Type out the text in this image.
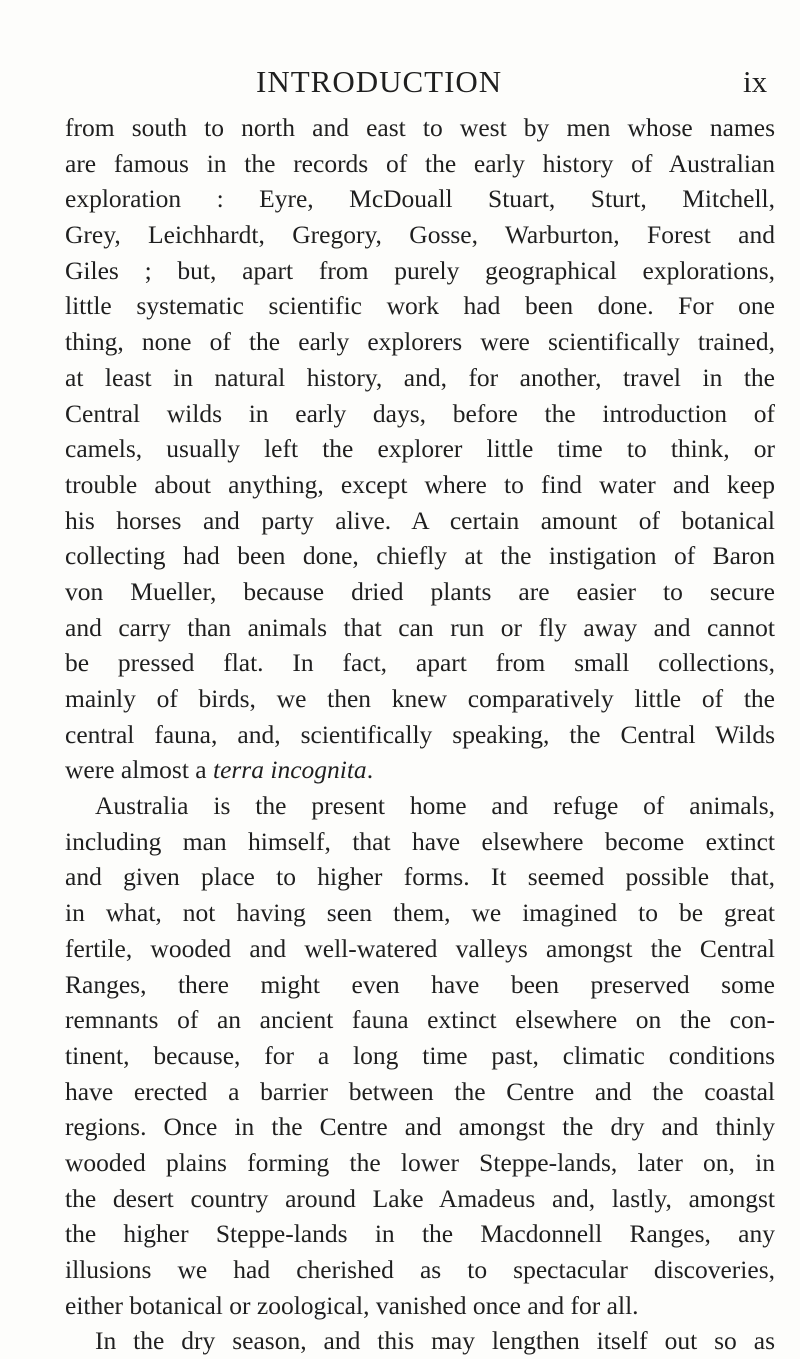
INTRODUCTION	ix
from south to north and east to west by men whose names
are famous in the records of the early history of Australian
exploration : Eyre, McDouall Stuart, Sturt, Mitchell,
Grey, Leichhardt, Gregory, Gosse, Warburton, Forest and
Giles ; but, apart from purely geographical explorations,
little systematic scientific work had been done. For one
thing, none of the early explorers were scientifically trained,
at least in natural history, and, for another, travel in the
Central wilds in early days, before the introduction of
camels, usually left the explorer little time to think, or
trouble about anything, except where to find water and keep
his horses and party alive. A certain amount of botanical
collecting had been done, chiefly at the instigation of Baron
von Mueller, because dried plants are easier to secure
and carry than animals that can run or fly away and cannot
be pressed flat. In fact, apart from small collections,
mainly of birds, we then knew comparatively little of the
central fauna, and, scientifically speaking, the Central Wilds
were almost a terra incognita.
Australia is the present home and refuge of animals,
including man himself, that have elsewhere become extinct
and given place to higher forms. It seemed possible that,
in what, not having seen them, we imagined to be great
fertile, wooded and well-watered valleys amongst the Central
Ranges, there might even have been preserved some
remnants of an ancient fauna extinct elsewhere on the con-
tinent, because, for a long time past, climatic conditions
have erected a barrier between the Centre and the coastal
regions. Once in the Centre and amongst the dry and thinly
wooded plains forming the lower Steppe-lands, later on, in
the desert country around Lake Amadeus and, lastly, amongst
the higher Steppe-lands in the Macdonnell Ranges, any
illusions we had cherished as to spectacular discoveries,
either botanical or zoological, vanished once and for all.
In the dry season, and this may lengthen itself out so as
